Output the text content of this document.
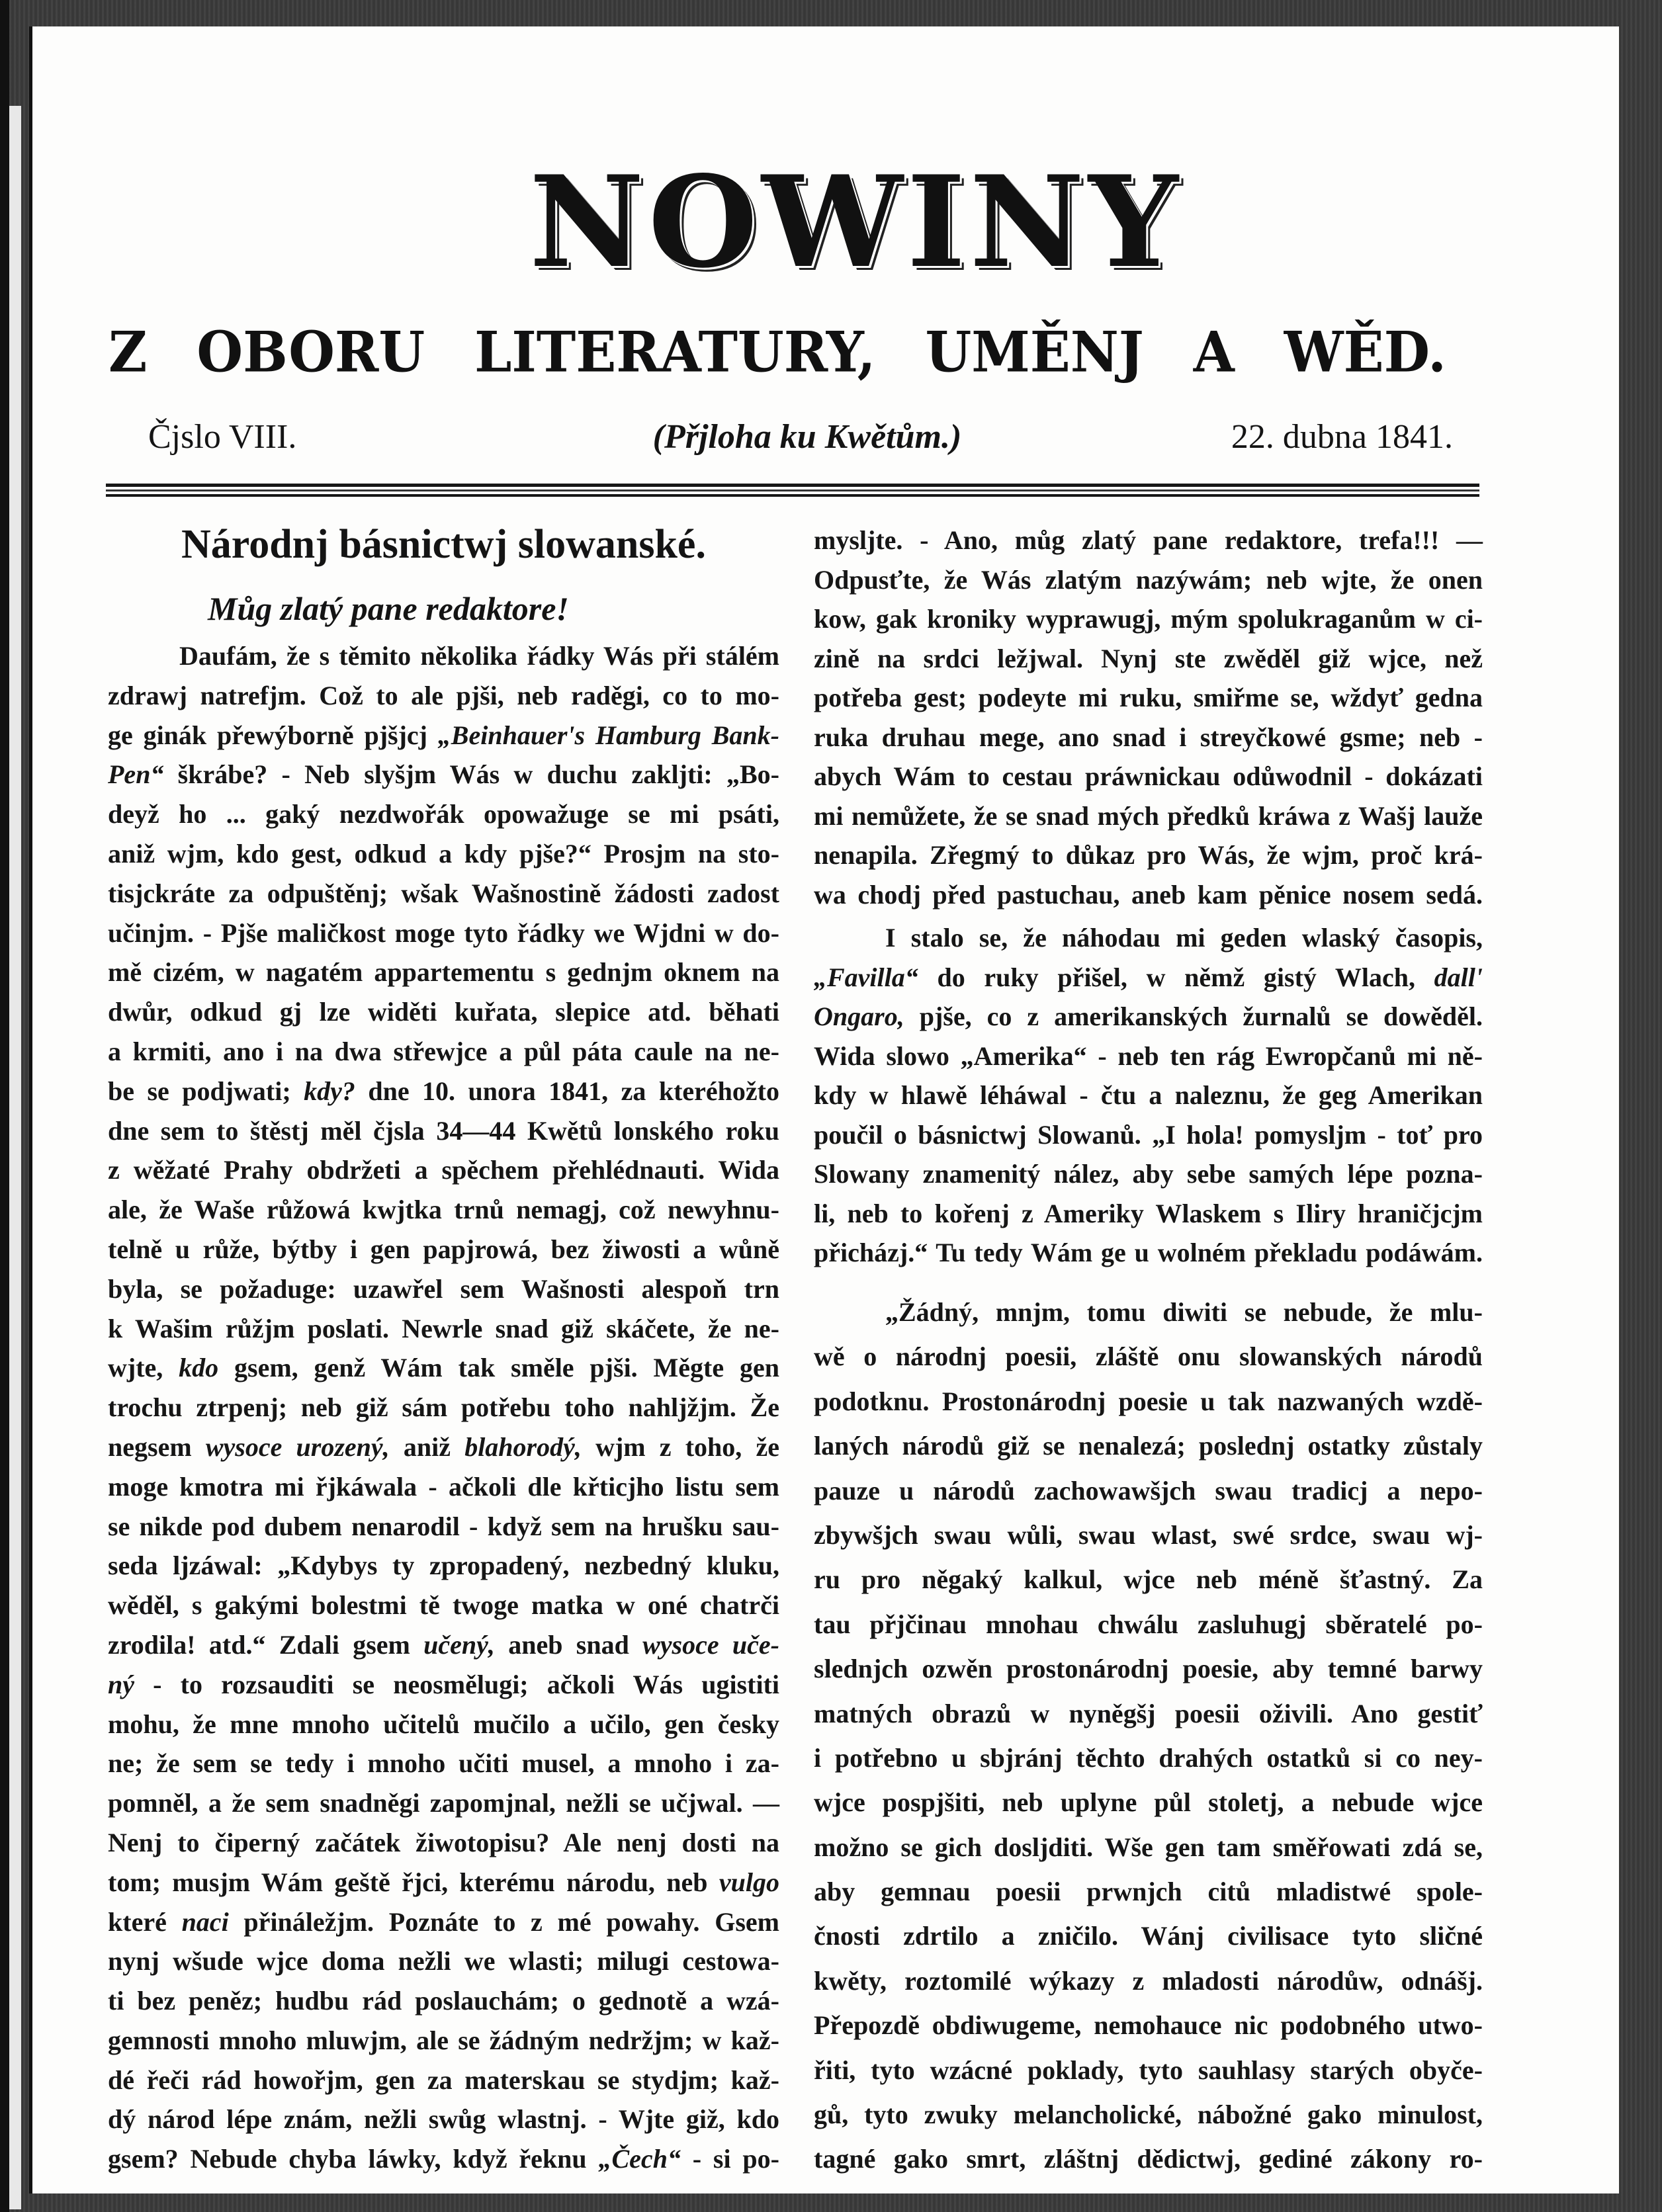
NOWINY
Z OBORU LITERATURY, UMĚNJ A WĚD.
Čjslo VIII.	(Přjloha ku Kwětům.)	22. dubna 1841.
Národnj básnictwj slowanské.
Můg zlatý pane redaktore!
Daufám, že s těmito několika řádky Wás při stálém
zdrawj natrefjm. Což to ale pjši, neb raděgi, co to mo-
ge ginák přewýborně pjšjcj „Beinhauer's Hamburg Bank-
Pen“ škrábe? - Neb slyšjm Wás w duchu zakljti: „Bo-
deyž ho ... gaký nezdwořák opowažuge se mi psáti,
aniž wjm, kdo gest, odkud a kdy pjše?“ Prosjm na sto-
tisjckráte za odpuštěnj; wšak Wašnostině žádosti zadost
učinjm. - Pjše maličkost moge tyto řádky we Wjdni w do-
mě cizém, w nagatém appartementu s gednjm oknem na
dwůr, odkud gj lze widěti kuřata, slepice atd. běhati
a krmiti, ano i na dwa střewjce a půl páta caule na ne-
be se podjwati; kdy? dne 10. unora 1841, za kteréhožto
dne sem to štěstj měl čjsla 34—44 Kwětů lonského roku
z wěžaté Prahy obdržeti a spěchem přehlédnauti. Wida
ale, že Waše růžowá kwjtka trnů nemagj, což newyhnu-
telně u růže, býtby i gen papjrowá, bez žiwosti a wůně
byla, se požaduge: uzawřel sem Wašnosti alespoň trn
k Wašim růžjm poslati. Newrle snad giž skáčete, že ne-
wjte, kdo gsem, genž Wám tak směle pjši. Měgte gen
trochu ztrpenj; neb giž sám potřebu toho nahljžjm. Že
negsem wysoce urozený, aniž blahorodý, wjm z toho, že
moge kmotra mi řjkáwala - ačkoli dle křticjho listu sem
se nikde pod dubem nenarodil - když sem na hrušku sau-
seda ljzáwal: „Kdybys ty zpropadený, nezbedný kluku,
wěděl, s gakými bolestmi tě twoge matka w oné chatrči
zrodila! atd.“ Zdali gsem učený, aneb snad wysoce uče-
ný - to rozsauditi se neosmělugi; ačkoli Wás ugistiti
mohu, že mne mnoho učitelů mučilo a učilo, gen česky
ne; že sem se tedy i mnoho učiti musel, a mnoho i za-
pomněl, a že sem snadněgi zapomjnal, nežli se učjwal. —
Nenj to čiperný začátek žiwotopisu? Ale nenj dosti na
tom; musjm Wám geště řjci, kterému národu, neb vulgo
které naci přináležjm. Poznáte to z mé powahy. Gsem
nynj wšude wjce doma nežli we wlasti; milugi cestowa-
ti bez peněz; hudbu rád poslauchám; o gednotě a wzá-
gemnosti mnoho mluwjm, ale se žádným nedržjm; w kaž-
dé řeči rád howořjm, gen za materskau se stydjm; kaž-
dý národ lépe znám, nežli swůg wlastnj. - Wjte giž, kdo
gsem? Nebude chyba láwky, když řeknu „Čech“ - si po-
mysljte. - Ano, můg zlatý pane redaktore, trefa!!! —
Odpusťte, že Wás zlatým nazýwám; neb wjte, že onen
kow, gak kroniky wyprawugj, mým spolukraganům w ci-
zině na srdci ležjwal. Nynj ste zwěděl giž wjce, než
potřeba gest; podeyte mi ruku, smiřme se, wždyť gedna
ruka druhau mege, ano snad i streyčkowé gsme; neb -
abych Wám to cestau práwnickau odůwodnil - dokázati
mi nemůžete, že se snad mých předků kráwa z Wašj lauže
nenapila. Zřegmý to důkaz pro Wás, že wjm, proč krá-
wa chodj před pastuchau, aneb kam pěnice nosem sedá.
I stalo se, že náhodau mi geden wlaský časopis,
„Favilla“ do ruky přišel, w němž gistý Wlach, dall'
Ongaro, pjše, co z amerikanských žurnalů se dowěděl.
Wida slowo „Amerika“ - neb ten rág Ewropčanů mi ně-
kdy w hlawě léháwal - čtu a naleznu, že geg Amerikan
poučil o básnictwj Slowanů. „I hola! pomysljm - toť pro
Slowany znamenitý nález, aby sebe samých lépe pozna-
li, neb to kořenj z Ameriky Wlaskem s Iliry hraničjcjm
přicházj.“ Tu tedy Wám ge u wolném překladu podáwám.
„Žádný, mnjm, tomu diwiti se nebude, že mlu-
wě o národnj poesii, zláště onu slowanských národů
podotknu. Prostonárodnj poesie u tak nazwaných wzdě-
laných národů giž se nenalezá; poslednj ostatky zůstaly
pauze u národů zachowawšjch swau tradicj a nepo-
zbywšjch swau wůli, swau wlast, swé srdce, swau wj-
ru pro něgaký kalkul, wjce neb méně šťastný. Za
tau přjčinau mnohau chwálu zasluhugj sběratelé po-
slednjch ozwěn prostonárodnj poesie, aby temné barwy
matných obrazů w nyněgšj poesii oživili. Ano gestiť
i potřebno u sbjránj těchto drahých ostatků si co ney-
wjce pospjšiti, neb uplyne půl stoletj, a nebude wjce
možno se gich dosljditi. Wše gen tam směřowati zdá se,
aby gemnau poesii prwnjch citů mladistwé spole-
čnosti zdrtilo a zničilo. Wánj civilisace tyto sličné
kwěty, roztomilé wýkazy z mladosti národůw, odnášj.
Přepozdě obdiwugeme, nemohauce nic podobného utwo-
řiti, tyto wzácné poklady, tyto sauhlasy starých obyče-
gů, tyto zwuky melancholické, nábožné gako minulost,
tagné gako smrt, zláštnj dědictwj, gediné zákony ro-
